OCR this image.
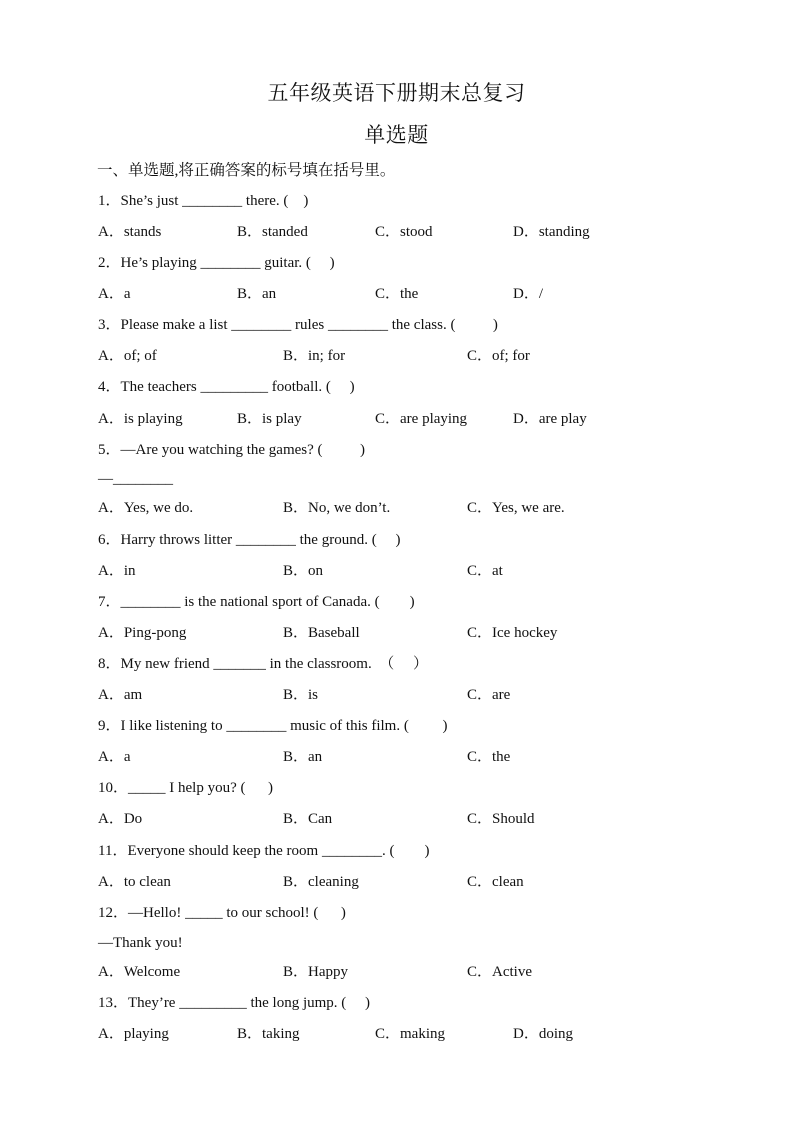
五年级英语下册期末总复习
单选题
一、单选题,将正确答案的标号填在括号里。
1．She’s just ________ there. (    )
A．stands	B．standed	C．stood	D．standing
2．He’s playing ________ guitar. (     )
A．a	B．an	C．the	D．/
3．Please make a list ________ rules ________ the class. (          )
A．of; of	B．in; for	C．of; for
4．The teachers _________ football. (     )
A．is playing	B．is play	C．are playing	D．are play
5．—Are you watching the games? (          )
—________
A．Yes, we do.	B．No, we don’t.	C．Yes, we are.
6．Harry throws litter ________ the ground. (     )
A．in	B．on	C．at
7．________ is the national sport of Canada. (        )
A．Ping-pong	B．Baseball	C．Ice hockey
8．My new friend _______ in the classroom.  （     ）
A．am	B．is	C．are
9．I like listening to ________ music of this film. (         )
A．a	B．an	C．the
10．_____ I help you? (      )
A．Do	B．Can	C．Should
11．Everyone should keep the room ________. (        )
A．to clean	B．cleaning	C．clean
12．—Hello! _____ to our school! (      )
—Thank you!
A．Welcome	B．Happy	C．Active
13．They’re _________ the long jump. (     )
A．playing	B．taking	C．making	D．doing
